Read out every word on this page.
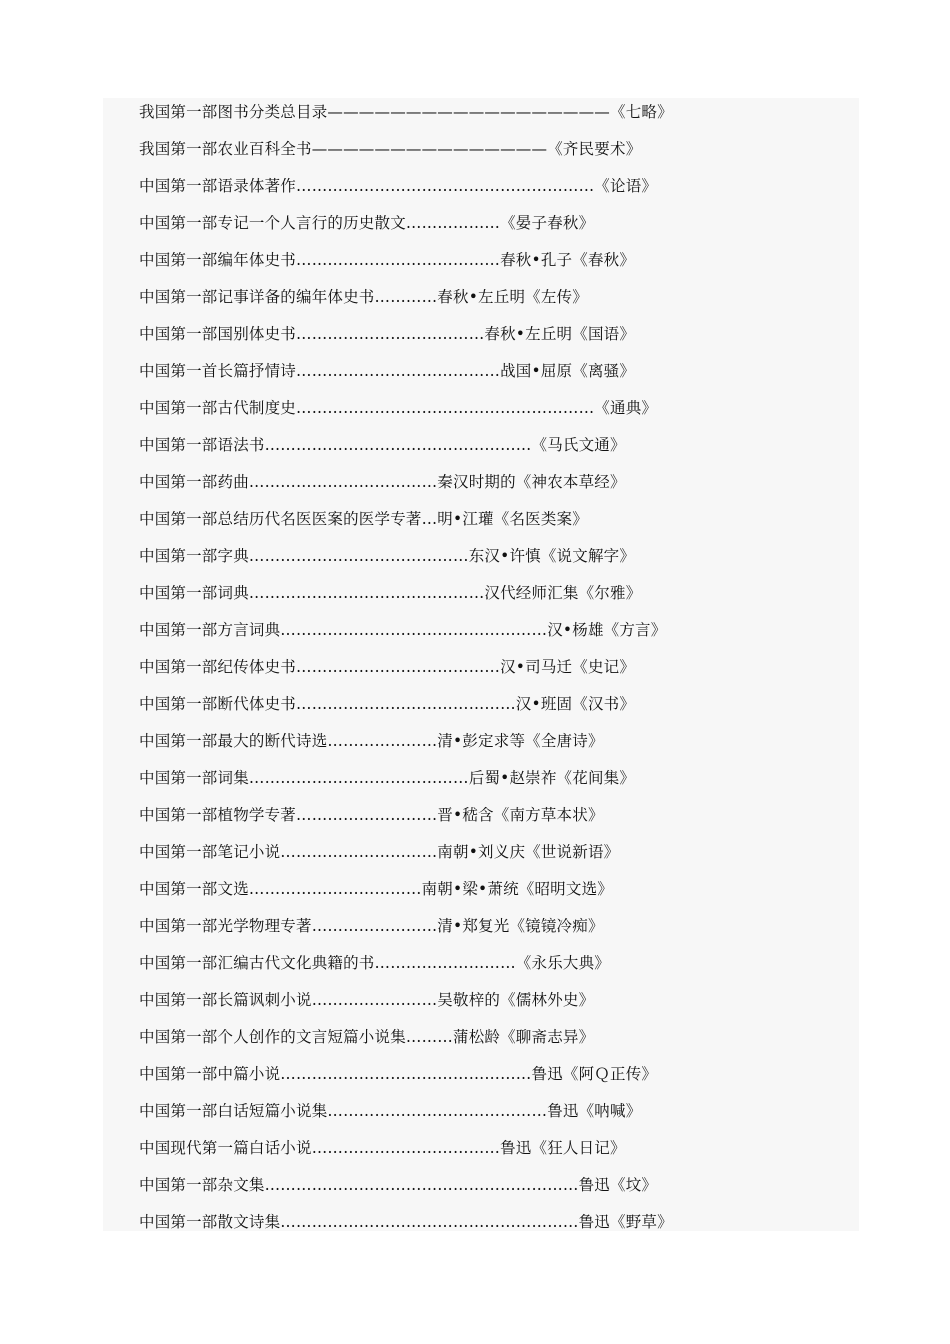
我国第一部图书分类总目录——————————————————《七略》
我国第一部农业百科全书———————————————《齐民要术》
中国第一部语录体著作…………………………………………………《论语》
中国第一部专记一个人言行的历史散文………………《晏子春秋》
中国第一部编年体史书…………………………………春秋•孔子《春秋》
中国第一部记事详备的编年体史书…………春秋•左丘明《左传》
中国第一部国别体史书………………………………春秋•左丘明《国语》
中国第一首长篇抒情诗…………………………………战国•屈原《离骚》
中国第一部古代制度史…………………………………………………《通典》
中国第一部语法书……………………………………………《马氏文通》
中国第一部药曲………………………………秦汉时期的《神农本草经》
中国第一部总结历代名医医案的医学专著…明•江瓘《名医类案》
中国第一部字典……………………………………东汉•许慎《说文解字》
中国第一部词典………………………………………汉代经师汇集《尔雅》
中国第一部方言词典……………………………………………汉•杨雄《方言》
中国第一部纪传体史书…………………………………汉•司马迁《史记》
中国第一部断代体史书……………………………………汉•班固《汉书》
中国第一部最大的断代诗选…………………清•彭定求等《全唐诗》
中国第一部词集……………………………………后蜀•赵崇祚《花间集》
中国第一部植物学专著………………………晋•嵇含《南方草本状》
中国第一部笔记小说…………………………南朝•刘义庆《世说新语》
中国第一部文选……………………………南朝•梁•萧统《昭明文选》
中国第一部光学物理专著……………………清•郑复光《镜镜冷痴》
中国第一部汇编古代文化典籍的书………………………《永乐大典》
中国第一部长篇讽刺小说……………………吴敬梓的《儒林外史》
中国第一部个人创作的文言短篇小说集………蒲松龄《聊斋志异》
中国第一部中篇小说…………………………………………鲁迅《阿Ｑ正传》
中国第一部白话短篇小说集……………………………………鲁迅《呐喊》
中国现代第一篇白话小说………………………………鲁迅《狂人日记》
中国第一部杂文集……………………………………………………鲁迅《坟》
中国第一部散文诗集…………………………………………………鲁迅《野草》
